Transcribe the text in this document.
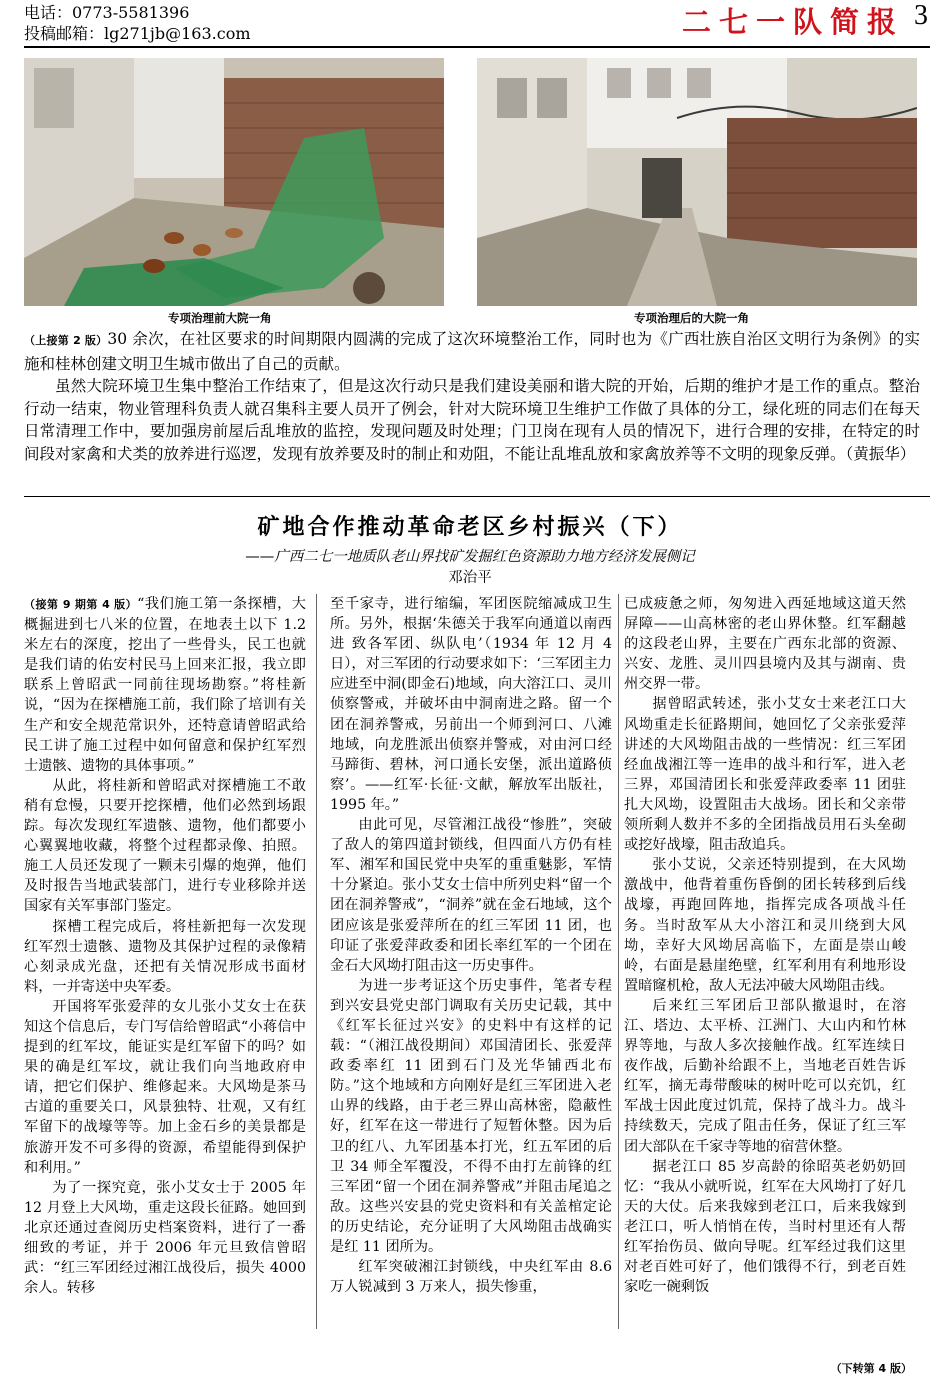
电话：0773-5581396
投稿邮箱：lg271jb@163.com	二七一队简报 3
专项治理前大院一角	专项治理后的大院一角

（上接第 2 版）30 余次，在社区要求的时间期限内圆满的完成了这次环境整治工作，同时也为《广西壮族自治区文明行为条例》的实施和桂林创建文明卫生城市做出了自己的贡献。

虽然大院环境卫生集中整治工作结束了，但是这次行动只是我们建设美丽和谐大院的开始，后期的维护才是工作的重点。整治行动一结束，物业管理科负责人就召集科主要人员开了例会，针对大院环境卫生维护工作做了具体的分工，绿化班的同志们在每天日常清理工作中，要加强房前屋后乱堆放的监控，发现问题及时处理；门卫岗在现有人员的情况下，进行合理的安排，在特定的时间段对家禽和犬类的放养进行巡逻，发现有放养要及时的制止和劝阻，不能让乱堆乱放和家禽放养等不文明的现象反弹。（黄振华）

矿地合作推动革命老区乡村振兴（下）
——广西二七一地质队老山界找矿发掘红色资源助力地方经济发展侧记
邓治平

（接第 9 期第 4 版）“我们施工第一条探槽，大概掘进到七八米的位置，在地表土以下 1.2 米左右的深度，挖出了一些骨头，民工也就是我们请的佑安村民马上回来汇报，我立即联系上曾昭武一同前往现场勘察。”将桂新说，“因为在探槽施工前，我们除了培训有关生产和安全规范常识外，还特意请曾昭武给民工讲了施工过程中如何留意和保护红军烈士遗骸、遗物的具体事项。”

从此，将桂新和曾昭武对探槽施工不敢稍有怠慢，只要开挖探槽，他们必然到场跟踪。每次发现红军遗骸、遗物，他们都要小心翼翼地收藏，将整个过程都录像、拍照。施工人员还发现了一颗未引爆的炮弹，他们及时报告当地武装部门，进行专业移除并送国家有关军事部门鉴定。

探槽工程完成后，将桂新把每一次发现红军烈士遗骸、遗物及其保护过程的录像精心刻录成光盘，还把有关情况形成书面材料，一并寄送中央军委。

开国将军张爱萍的女儿张小艾女士在获知这个信息后，专门写信给曾昭武“小蒋信中提到的红军坟，能证实是红军留下的吗？如果的确是红军坟，就让我们向当地政府申请，把它们保护、维修起来。大风坳是茶马古道的重要关口，风景独特、壮观，又有红军留下的战壕等等。加上金石乡的美景都是旅游开发不可多得的资源，希望能得到保护和利用。”

为了一探究竟，张小艾女士于 2005 年 12 月登上大风坳，重走这段长征路。她回到北京还通过查阅历史档案资料，进行了一番细致的考证，并于 2006 年元旦致信曾昭武：“红三军团经过湘江战役后，损失 4000 余人。转移

至千家寺，进行缩编，军团医院缩减成卫生所。另外，根据‘朱德关于我军向通道以南西进 致各军团、纵队电’（1934 年 12 月 4 日），对三军团的行动要求如下：‘三军团主力应进至中洞(即金石)地域，向大溶江口、灵川侦察警戒，并破坏由中洞南进之路。留一个团在洞养警戒，另前出一个师到河口、八滩地域，向龙胜派出侦察并警戒，对由河口经马蹄街、碧林，河口通长安堡，派出道路侦察’。——红军·长征·文献，解放军出版社，1995 年。”

由此可见，尽管湘江战役“惨胜”，突破了敌人的第四道封锁线，但四面八方仍有桂军、湘军和国民党中央军的重重魅影，军情十分紧迫。张小艾女士信中所列史料“留一个团在洞养警戒”，“洞养”就在金石地域，这个团应该是张爱萍所在的红三军团 11 团，也印证了张爱萍政委和团长率红军的一个团在金石大风坳打阻击这一历史事件。

为进一步考证这个历史事件，笔者专程到兴安县党史部门调取有关历史记载，其中《红军长征过兴安》的史料中有这样的记载：“（湘江战役期间）邓国清团长、张爱萍政委率红 11 团到石门及光华铺西北布防。”这个地域和方向刚好是红三军团进入老山界的线路，由于老三界山高林密，隐蔽性好，红军在这一带进行了短暂休整。因为后卫的红八、九军团基本打光，红五军团的后卫 34 师全军覆没，不得不由打左前锋的红三军团“留一个团在洞养警戒”并阻击尾追之敌。这些兴安县的党史资料和有关盖棺定论的历史结论，充分证明了大风坳阻击战确实是红 11 团所为。

红军突破湘江封锁线，中央红军由 8.6 万人锐减到 3 万来人，损失惨重，

已成疲惫之师，匆匆进入西延地域这道天然屏障——山高林密的老山界休整。红军翻越的这段老山界，主要在广西东北部的资源、兴安、龙胜、灵川四县境内及其与湖南、贵州交界一带。

据曾昭武转述，张小艾女士来老江口大风坳重走长征路期间，她回忆了父亲张爱萍讲述的大风坳阻击战的一些情况：红三军团经血战湘江等一连串的战斗和行军，进入老三界，邓国清团长和张爱萍政委率 11 团驻扎大风坳，设置阻击大战场。团长和父亲带领所剩人数并不多的全团指战员用石头垒砌或挖好战壕，阻击敌追兵。

张小艾说，父亲还特别提到，在大风坳激战中，他背着重伤昏倒的团长转移到后线战壕，再跑回阵地，指挥完成各项战斗任务。当时敌军从大小溶江和灵川绕到大风坳，幸好大风坳居高临下，左面是崇山峻岭，右面是悬崖绝壁，红军利用有利地形设置暗窿机枪，敌人无法冲破大风坳阻击线。

后来红三军团后卫部队撤退时，在溶江、塔边、太平桥、江洲门、大山内和竹林界等地，与敌人多次接触作战。红军连续日夜作战，后勤补给跟不上，当地老百姓告诉红军，摘无毒带酸味的树叶吃可以充饥，红军战士因此度过饥荒，保持了战斗力。战斗持续数天，完成了阻击任务，保证了红三军团大部队在千家寺等地的宿营休整。

据老江口 85 岁高龄的徐昭英老奶奶回忆：“我从小就听说，红军在大风坳打了好几天的大仗。后来我嫁到老江口，后来我嫁到老江口，听人悄悄在传，当时村里还有人帮红军抬伤员、做向导呢。红军经过我们这里对老百姓可好了，他们饿得不行，到老百姓家吃一碗剩饭

（下转第 4 版）
